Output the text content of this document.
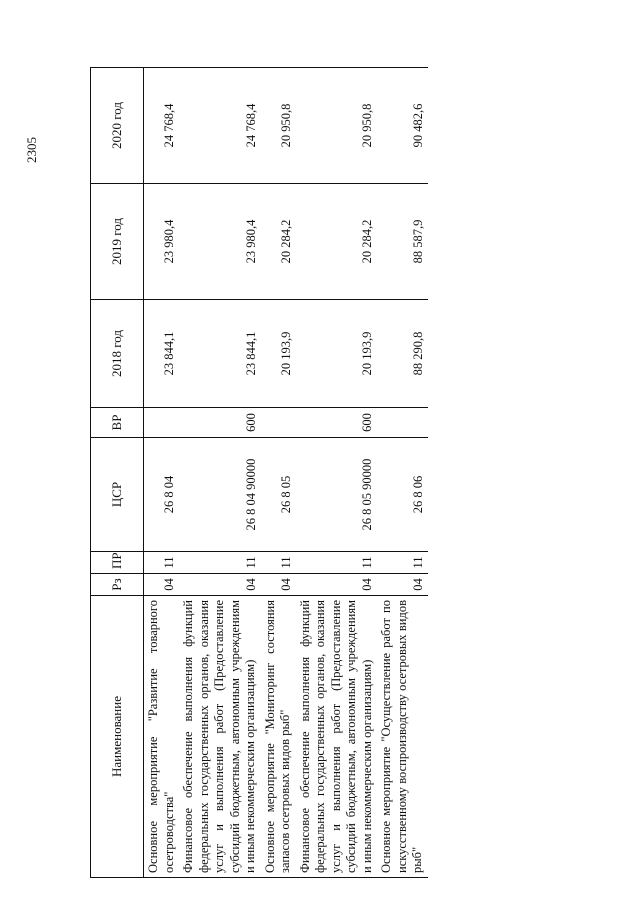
2305
Наименование	Рз	ПР	ЦСР	ВР	2018 год	2019 год	2020 год
Основное мероприятие "Развитие товарного осетроводства"	04	11	26 8 04		23 844,1	23 980,4	24 768,4
Финансовое обеспечение выполнения функций федеральных государственных органов, оказания услуг и выполнения работ (Предоставление субсидий бюджетным, автономным учреждениям и иным некоммерческим организациям)	04	11	26 8 04 90000	600	23 844,1	23 980,4	24 768,4
Основное мероприятие "Мониторинг состояния запасов осетровых видов рыб"	04	11	26 8 05		20 193,9	20 284,2	20 950,8
Финансовое обеспечение выполнения функций федеральных государственных органов, оказания услуг и выполнения работ (Предоставление субсидий бюджетным, автономным учреждениям и иным некоммерческим организациям)	04	11	26 8 05 90000	600	20 193,9	20 284,2	20 950,8
Основное мероприятие "Осуществление работ по искусственному воспроизводству осетровых видов рыб"	04	11	26 8 06		88 290,8	88 587,9	90 482,6
